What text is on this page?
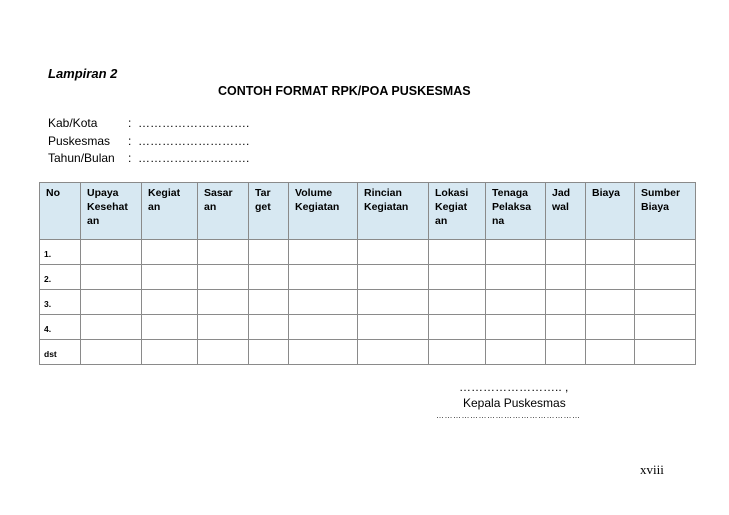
Lampiran 2
CONTOH FORMAT RPK/POA PUSKESMAS
Kab/Kota	: ……………………….
Puskesmas : ……………………….
Tahun/Bulan : ……………………….
No	Upaya Kesehat an	Kegiat an	Sasar an	Tar get	Volume Kegiatan	Rincian Kegiatan	Lokasi Kegiat an	Tenaga Pelaksa na	Jad wal	Biaya	Sumber Biaya
1.											
2.											
3.											
4.											
dst											
…………………….. ,
Kepala Puskesmas
……………………………………………
xviii
